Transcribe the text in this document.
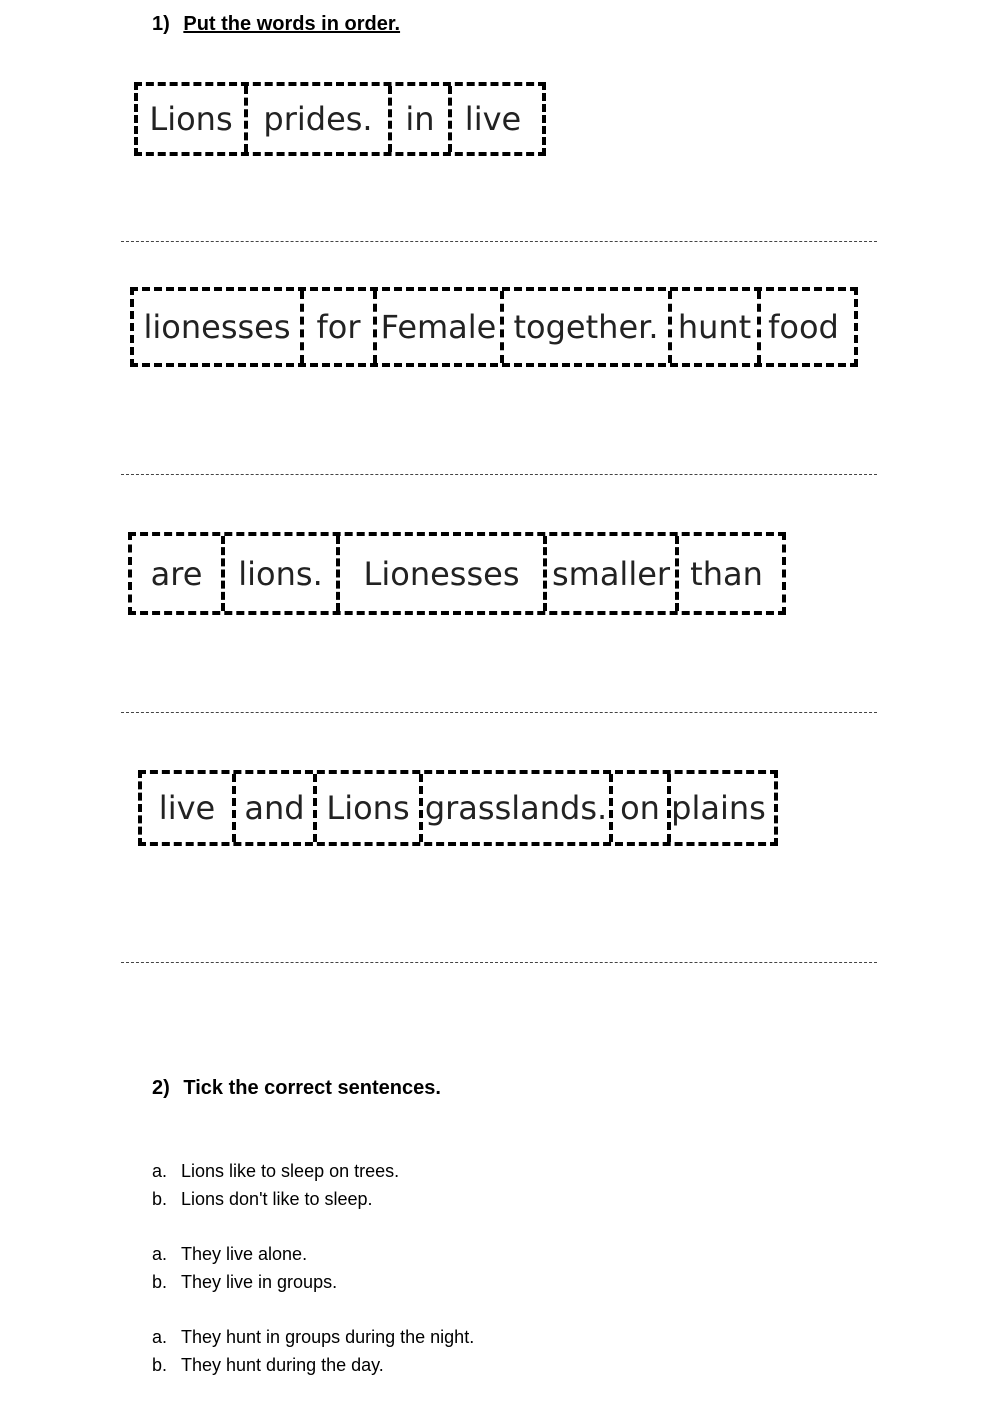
1) Put the words in order.
Lions prides.	in live
lionesses for Female together. hunt food
are	lions.	Lionesses	smaller than
live and Lions grasslands. on plains
2) Tick the correct sentences.
a. Lions like to sleep on trees.
b. Lions don't like to sleep.
a. They live alone.
b. They live in groups.
a. They hunt in groups during the night.
b. They hunt during the day.
